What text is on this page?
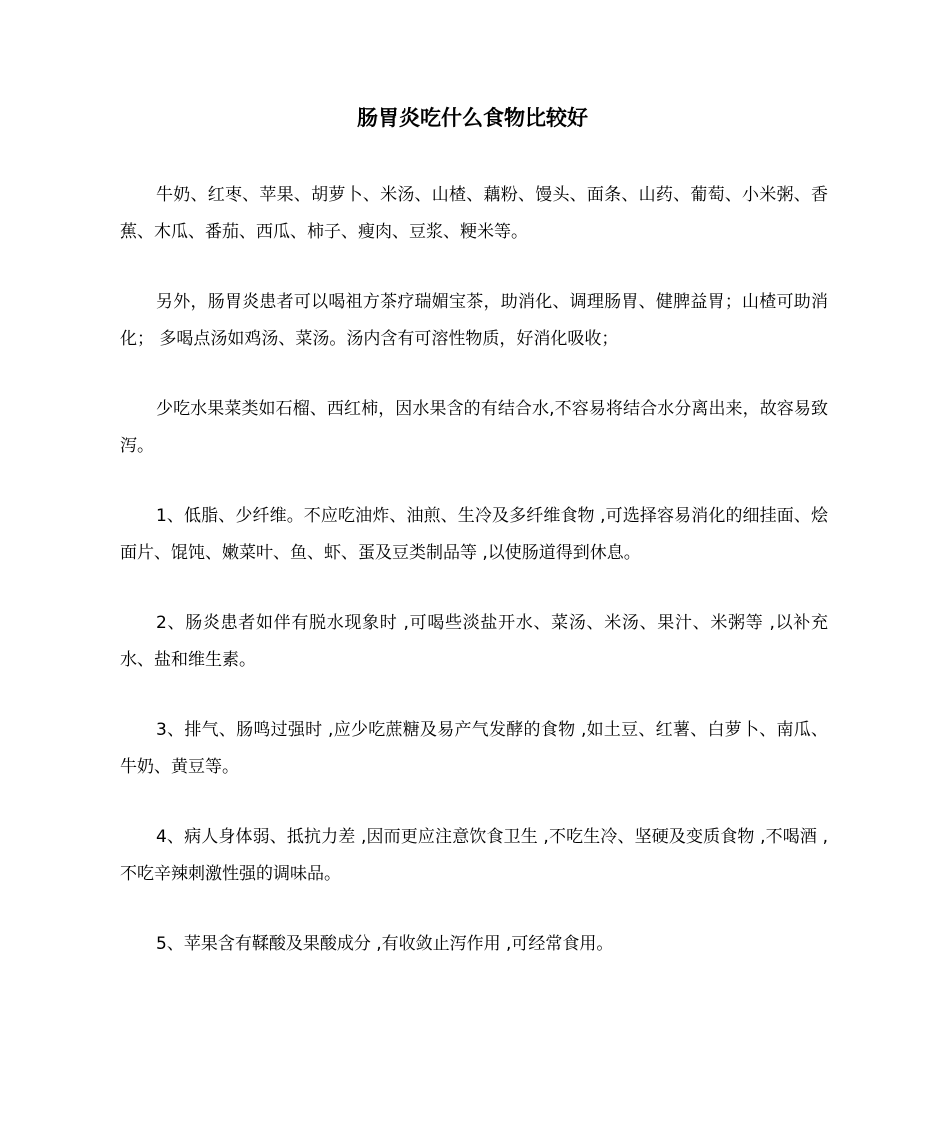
肠胃炎吃什么食物比较好

牛奶、红枣、苹果、胡萝卜、米汤、山楂、藕粉、馒头、面条、山药、葡萄、小米粥、香蕉、木瓜、番茄、西瓜、柿子、瘦肉、豆浆、粳米等。

另外，肠胃炎患者可以喝祖方茶疗瑞媚宝茶，助消化、调理肠胃、健脾益胃；山楂可助消化； 多喝点汤如鸡汤、菜汤。汤内含有可溶性物质，好消化吸收；

少吃水果菜类如石榴、西红柿，因水果含的有结合水,不容易将结合水分离出来，故容易致泻。

1、低脂、少纤维。不应吃油炸、油煎、生冷及多纤维食物 ,可选择容易消化的细挂面、烩面片、馄饨、嫩菜叶、鱼、虾、蛋及豆类制品等 ,以使肠道得到休息。

2、肠炎患者如伴有脱水现象时 ,可喝些淡盐开水、菜汤、米汤、果汁、米粥等 ,以补充水、盐和维生素。

3、排气、肠鸣过强时 ,应少吃蔗糖及易产气发酵的食物 ,如土豆、红薯、白萝卜、南瓜、牛奶、黄豆等。

4、病人身体弱、抵抗力差 ,因而更应注意饮食卫生 ,不吃生冷、坚硬及变质食物 ,不喝酒 ,不吃辛辣刺激性强的调味品。

5、苹果含有鞣酸及果酸成分 ,有收敛止泻作用 ,可经常食用。
